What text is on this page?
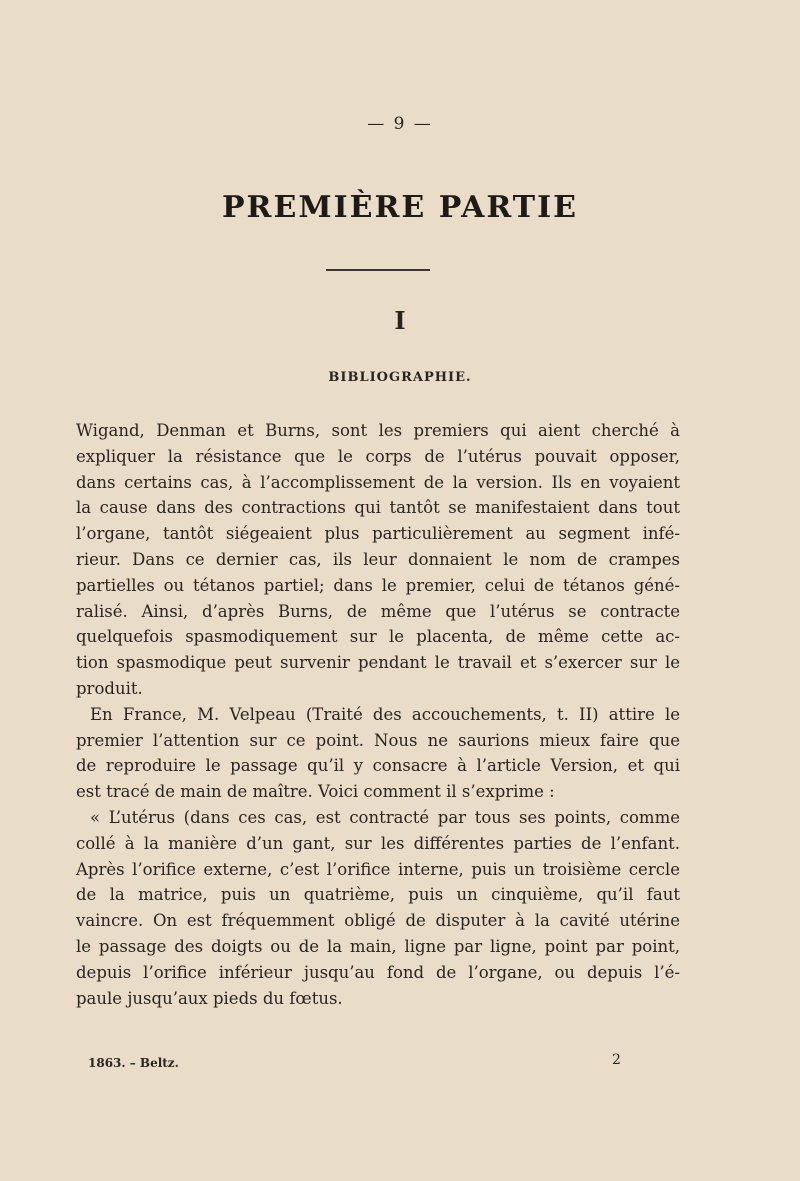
— 9 —
PREMIÈRE PARTIE
I
BIBLIOGRAPHIE.
Wigand, Denman et Burns, sont les premiers qui aient cherché à
expliquer la résistance que le corps de l’utérus pouvait opposer,
dans certains cas, à l’accomplissement de la version. Ils en voyaient
la cause dans des contractions qui tantôt se manifestaient dans tout
l’organe, tantôt siégeaient plus particulièrement au segment infé-
rieur. Dans ce dernier cas, ils leur donnaient le nom de crampes
partielles ou tétanos partiel; dans le premier, celui de tétanos géné-
ralisé. Ainsi, d’après Burns, de même que l’utérus se contracte
quelquefois spasmodiquement sur le placenta, de même cette ac-
tion spasmodique peut survenir pendant le travail et s’exercer sur le
produit.
En France, M. Velpeau (Traité des accouchements, t. II) attire le
premier l’attention sur ce point. Nous ne saurions mieux faire que
de reproduire le passage qu’il y consacre à l’article Version, et qui
est tracé de main de maître. Voici comment il s’exprime :
« L’utérus (dans ces cas, est contracté par tous ses points, comme
collé à la manière d’un gant, sur les différentes parties de l’enfant.
Après l’orifice externe, c’est l’orifice interne, puis un troisième cercle
de la matrice, puis un quatrième, puis un cinquième, qu’il faut
vaincre. On est fréquemment obligé de disputer à la cavité utérine
le passage des doigts ou de la main, ligne par ligne, point par point,
depuis l’orifice inférieur jusqu’au fond de l’organe, ou depuis l’é-
paule jusqu’aux pieds du fœtus.
1863. – Beltz.	2
